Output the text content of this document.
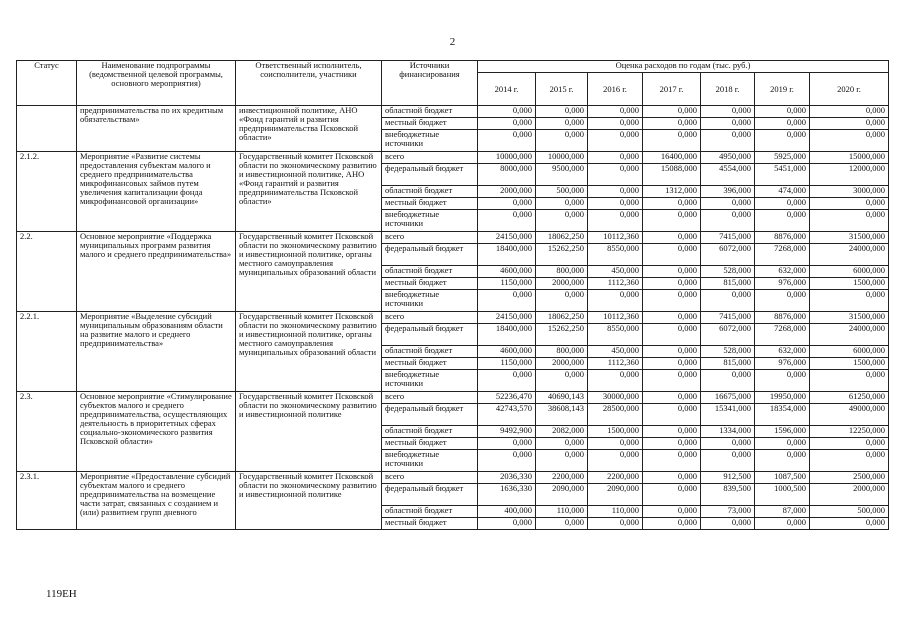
2
Статус	Наименование подпрограммы (ведомственной целевой программы, основного мероприятия)	Ответственный исполнитель, соисполнители, участники	Источники финансирования	Оценка расходов по годам (тыс. руб.)						
				2014 г.	2015 г.	2016 г.	2017 г.	2018 г.	2019 г.	2020 г.
	предпринимательства по их кредитным обязательствам»	инвестиционной политике, АНО «Фонд гарантий и развития предпринимательства Псковской области»	областной бюджет	0,000	0,000	0,000	0,000	0,000	0,000	0,000
			местный бюджет	0,000	0,000	0,000	0,000	0,000	0,000	0,000
			внебюджетные источники	0,000	0,000	0,000	0,000	0,000	0,000	0,000
2.1.2.	Мероприятие «Развитие системы предоставления субъектам малого и среднего предпринимательства микрофинансовых займов путем увеличения капитализации фонда микрофинансовой организации»	Государственный комитет Псковской области по экономическому развитию и инвестиционной политике, АНО «Фонд гарантий и развития предпринимательства Псковской области»	всего	10000,000	10000,000	0,000	16400,000	4950,000	5925,000	15000,000
			федеральный бюджет	8000,000	9500,000	0,000	15088,000	4554,000	5451,000	12000,000
			областной бюджет	2000,000	500,000	0,000	1312,000	396,000	474,000	3000,000
			местный бюджет	0,000	0,000	0,000	0,000	0,000	0,000	0,000
			внебюджетные источники	0,000	0,000	0,000	0,000	0,000	0,000	0,000
2.2.	Основное мероприятие «Поддержка муниципальных программ развития малого и среднего предпринимательства»	Государственный комитет Псковской области по экономическому развитию и инвестиционной политике, органы местного самоуправления муниципальных образований области	всего	24150,000	18062,250	10112,360	0,000	7415,000	8876,000	31500,000
			федеральный бюджет	18400,000	15262,250	8550,000	0,000	6072,000	7268,000	24000,000
			областной бюджет	4600,000	800,000	450,000	0,000	528,000	632,000	6000,000
			местный бюджет	1150,000	2000,000	1112,360	0,000	815,000	976,000	1500,000
			внебюджетные источники	0,000	0,000	0,000	0,000	0,000	0,000	0,000
2.2.1.	Мероприятие «Выделение субсидий муниципальным образованиям области на развитие малого и среднего предпринимательства»	Государственный комитет Псковской области по экономическому развитию и инвестиционной политике, органы местного самоуправления муниципальных образований области	всего	24150,000	18062,250	10112,360	0,000	7415,000	8876,000	31500,000
			федеральный бюджет	18400,000	15262,250	8550,000	0,000	6072,000	7268,000	24000,000
			областной бюджет	4600,000	800,000	450,000	0,000	528,000	632,000	6000,000
			местный бюджет	1150,000	2000,000	1112,360	0,000	815,000	976,000	1500,000
			внебюджетные источники	0,000	0,000	0,000	0,000	0,000	0,000	0,000
2.3.	Основное мероприятие «Стимулирование субъектов малого и среднего предпринимательства, осуществляющих деятельность в приоритетных сферах социально-экономического развития Псковской области»	Государственный комитет Псковской области по экономическому развитию и инвестиционной политике	всего	52236,470	40690,143	30000,000	0,000	16675,000	19950,000	61250,000
			федеральный бюджет	42743,570	38608,143	28500,000	0,000	15341,000	18354,000	49000,000
			областной бюджет	9492,900	2082,000	1500,000	0,000	1334,000	1596,000	12250,000
			местный бюджет	0,000	0,000	0,000	0,000	0,000	0,000	0,000
			внебюджетные источники	0,000	0,000	0,000	0,000	0,000	0,000	0,000
2.3.1.	Мероприятие «Предоставление субсидий субъектам малого и среднего предпринимательства на возмещение части затрат, связанных с созданием и (или) развитием групп дневного	Государственный комитет Псковской области по экономическому развитию и инвестиционной политике	всего	2036,330	2200,000	2200,000	0,000	912,500	1087,500	2500,000
			федеральный бюджет	1636,330	2090,000	2090,000	0,000	839,500	1000,500	2000,000
			областной бюджет	400,000	110,000	110,000	0,000	73,000	87,000	500,000
			местный бюджет	0,000	0,000	0,000	0,000	0,000	0,000	0,000
119ЕН
